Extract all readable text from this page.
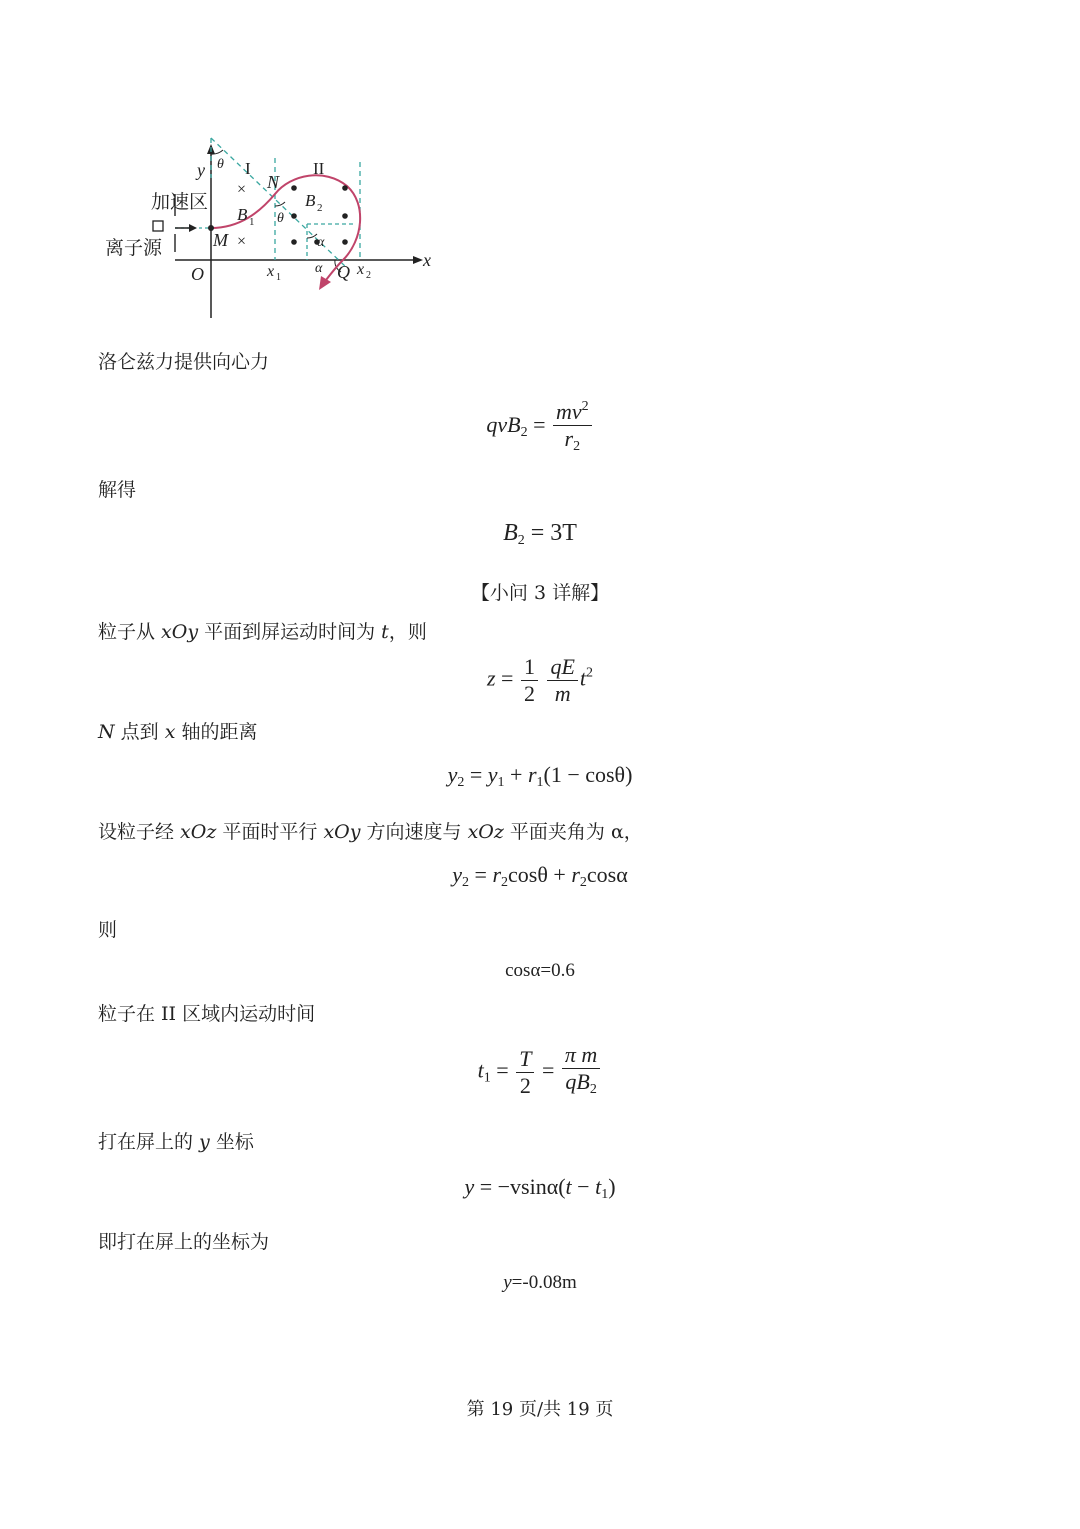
×
×
y
x
O
M
N
Q
I	II
B 1
B 2
θ
θ
α
α
x 1	x 2
加速区
离子源
洛仑兹力提供向心力
$qvB_2 = \frac{mv^2}{r_2}$
解得
$B_2 = 3T$
【小问 3 详解】
粒子从 xOy 平面到屏运动时间为 t，则
$z = \frac{1}{2}$
$\frac{qE}{m} t^2$
N 点到 x 轴的距离
$y_2 = y_1 + r_1(1 - \cos\theta)$
设粒子经 xOz 平面时平行 xOy 方向速度与 xOz 平面夹角为 α，
$y_2 = r_2\cos\theta + r_2\cos\alpha$
则
cosα=0.6
粒子在 II 区域内运动时间
$t_1 = \frac{T}{2} = \frac{\text{π m}}{qB_2}$
打在屏上的 y 坐标
$y = -vsin\alpha(t - t_1)$
即打在屏上的坐标为
y=-0.08m
第 19 页/共 19 页
